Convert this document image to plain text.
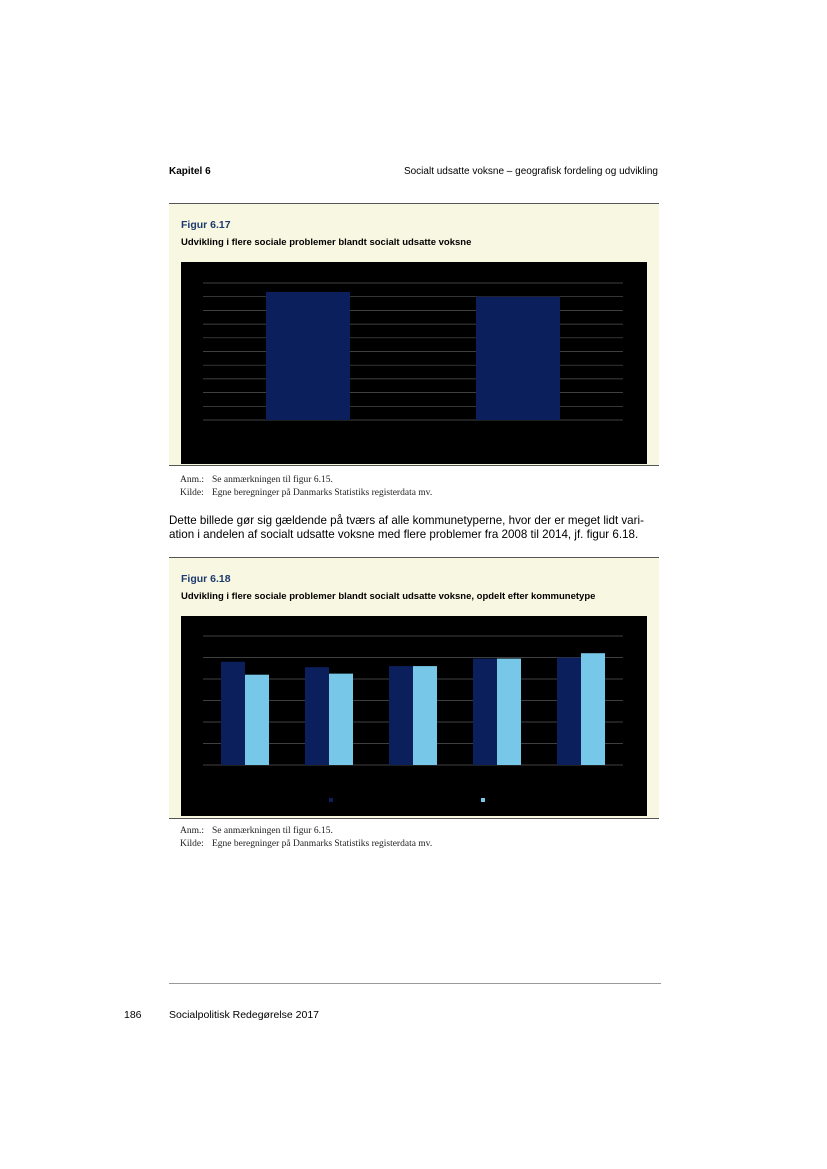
Kapitel 6	Socialt udsatte voksne – geografisk fordeling og udvikling
Figur 6.17
Udvikling i flere sociale problemer blandt socialt udsatte voksne
Anm.: Se anmærkningen til figur 6.15.
Kilde: Egne beregninger på Danmarks Statistiks registerdata mv.
Dette billede gør sig gældende på tværs af alle kommunetyperne, hvor der er meget lidt vari-ation i andelen af socialt udsatte voksne med flere problemer fra 2008 til 2014, jf. figur 6.18.
Figur 6.18
Udvikling i flere sociale problemer blandt socialt udsatte voksne, opdelt efter kommunetype
Anm.: Se anmærkningen til figur 6.15.
Kilde: Egne beregninger på Danmarks Statistiks registerdata mv.
186	Socialpolitisk Redegørelse 2017
